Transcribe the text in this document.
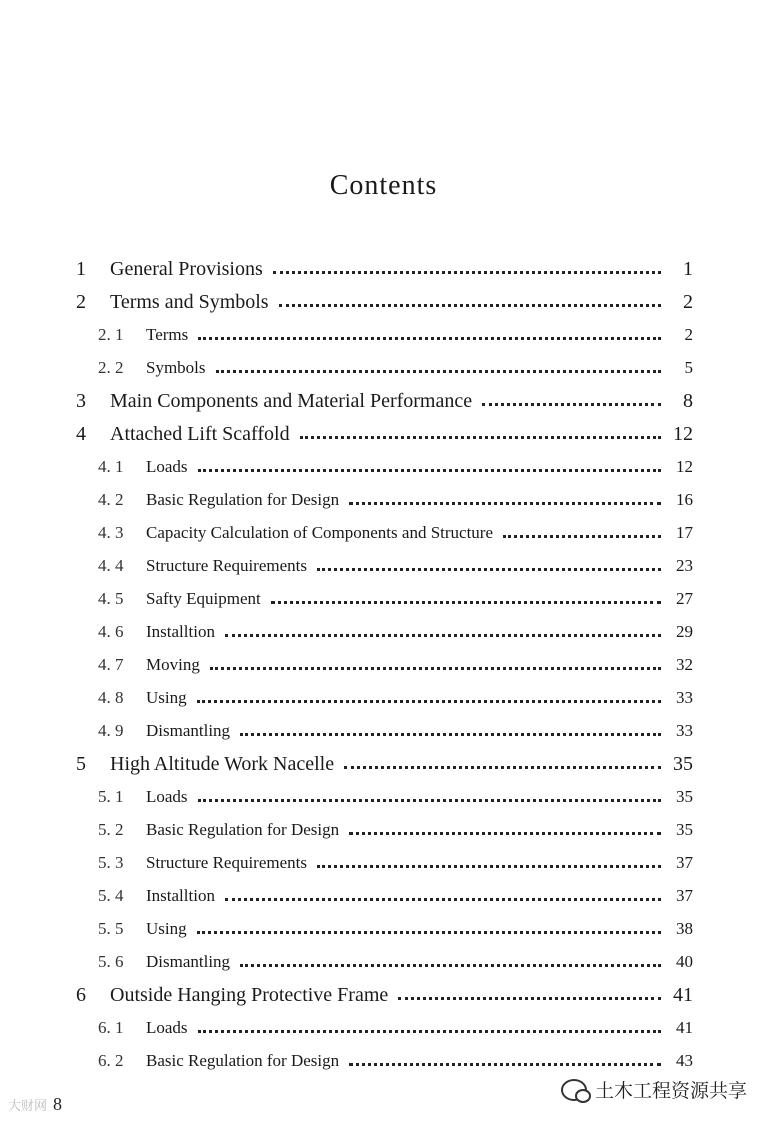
Contents
1	General Provisions	1
2	Terms and Symbols	2
2. 1	Terms	2
2. 2	Symbols	5
3	Main Components and Material Performance	8
4	Attached Lift Scaffold	12
4. 1	Loads	12
4. 2	Basic Regulation for Design	16
4. 3	Capacity Calculation of Components and Structure	17
4. 4	Structure Requirements	23
4. 5	Safty Equipment	27
4. 6	Installtion	29
4. 7	Moving	32
4. 8	Using	33
4. 9	Dismantling	33
5	High Altitude Work Nacelle	35
5. 1	Loads	35
5. 2	Basic Regulation for Design	35
5. 3	Structure Requirements	37
5. 4	Installtion	37
5. 5	Using	38
5. 6	Dismantling	40
6	Outside Hanging Protective Frame	41
6. 1	Loads	41
6. 2	Basic Regulation for Design	43
大财网 8
土木工程资源共享
